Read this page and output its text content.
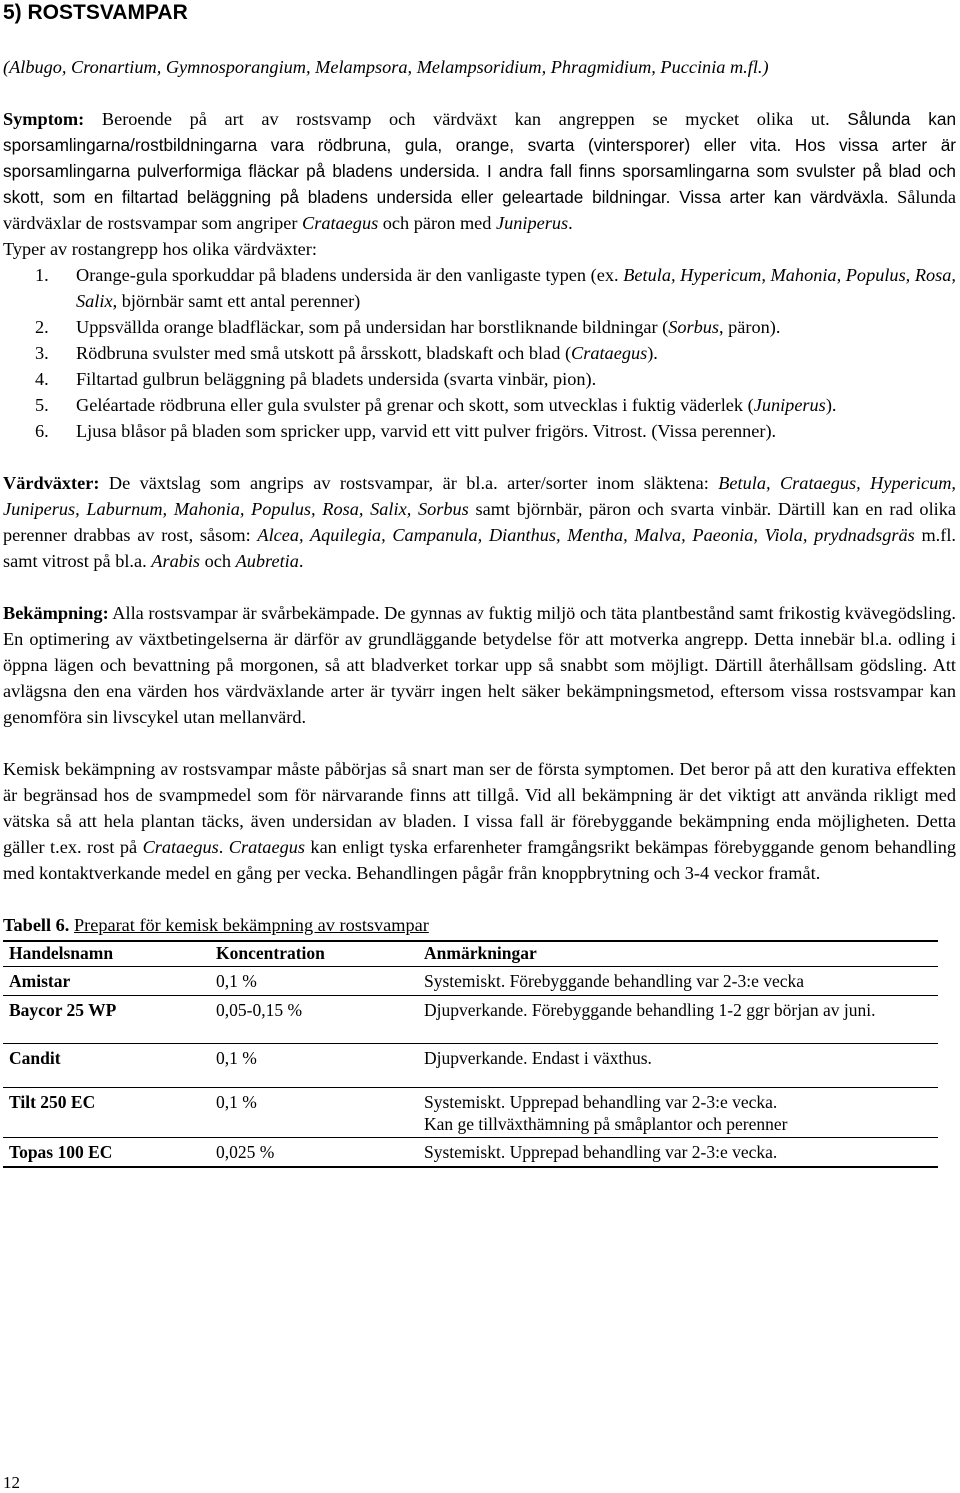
5) ROSTSVAMPAR

(Albugo, Cronartium, Gymnosporangium, Melampsora, Melampsoridium, Phragmidium, Puccinia m.fl.)

Symptom: Beroende på art av rostsvamp och värdväxt kan angreppen se mycket olika ut. Sålunda kan sporsamlingarna/rostbildningarna vara rödbruna, gula, orange, svarta (vintersporer) eller vita. Hos vissa arter är sporsamlingarna pulverformiga fläckar på bladens undersida. I andra fall finns sporsamlingarna som svulster på blad och skott, som en filtartad beläggning på bladens undersida eller geleartade bildningar. Vissa arter kan värdväxla. Sålunda värdväxlar de rostsvampar som angriper Crataegus och päron med Juniperus.

Typer av rostangrepp hos olika värdväxter:

1. Orange-gula sporkuddar på bladens undersida är den vanligaste typen (ex. Betula, Hypericum, Mahonia, Populus, Rosa, Salix, björnbär samt ett antal perenner)
2. Uppsvällda orange bladfläckar, som på undersidan har borstliknande bildningar (Sorbus, päron).
3. Rödbruna svulster med små utskott på årsskott, bladskaft och blad (Crataegus).
4. Filtartad gulbrun beläggning på bladets undersida (svarta vinbär, pion).
5. Geléartade rödbruna eller gula svulster på grenar och skott, som utvecklas i fuktig väderlek (Juniperus).
6. Ljusa blåsor på bladen som spricker upp, varvid ett vitt pulver frigörs. Vitrost. (Vissa perenner).

Värdväxter: De växtslag som angrips av rostsvampar, är bl.a. arter/sorter inom släktena: Betula, Crataegus, Hypericum, Juniperus, Laburnum, Mahonia, Populus, Rosa, Salix, Sorbus samt björnbär, päron och svarta vinbär. Därtill kan en rad olika perenner drabbas av rost, såsom: Alcea, Aquilegia, Campanula, Dianthus, Mentha, Malva, Paeonia, Viola, prydnadsgräs m.fl. samt vitrost på bl.a. Arabis och Aubretia.

Bekämpning: Alla rostsvampar är svårbekämpade. De gynnas av fuktig miljö och täta plantbestånd samt frikostig kvävegödsling. En optimering av växtbetingelserna är därför av grundläggande betydelse för att motverka angrepp. Detta innebär bl.a. odling i öppna lägen och bevattning på morgonen, så att bladverket torkar upp så snabbt som möjligt. Därtill återhållsam gödsling. Att avlägsna den ena värden hos värdväxlande arter är tyvärr ingen helt säker bekämpningsmetod, eftersom vissa rostsvampar kan genomföra sin livscykel utan mellanvärd.

Kemisk bekämpning av rostsvampar måste påbörjas så snart man ser de första symptomen. Det beror på att den kurativa effekten är begränsad hos de svampmedel som för närvarande finns att tillgå. Vid all bekämpning är det viktigt att använda rikligt med vätska så att hela plantan täcks, även undersidan av bladen. I vissa fall är förebyggande bekämpning enda möjligheten. Detta gäller t.ex. rost på Crataegus. Crataegus kan enligt tyska erfarenheter framgångsrikt bekämpas förebyggande genom behandling med kontaktverkande medel en gång per vecka. Behandlingen pågår från knoppbrytning och 3-4 veckor framåt.

Tabell 6. Preparat för kemisk bekämpning av rostsvampar

Handelsnamn	Koncentration	Anmärkningar
Amistar	0,1 %	Systemiskt. Förebyggande behandling var 2-3:e vecka
Baycor 25 WP	0,05-0,15 %	Djupverkande. Förebyggande behandling 1-2 ggr början av juni.
Candit	0,1 %	Djupverkande. Endast i växthus.
Tilt 250 EC	0,1 %	Systemiskt. Upprepad behandling var 2-3:e vecka.
Kan ge tillväxthämning på småplantor och perenner
Topas 100 EC	0,025 %	Systemiskt. Upprepad behandling var 2-3:e vecka.
12
